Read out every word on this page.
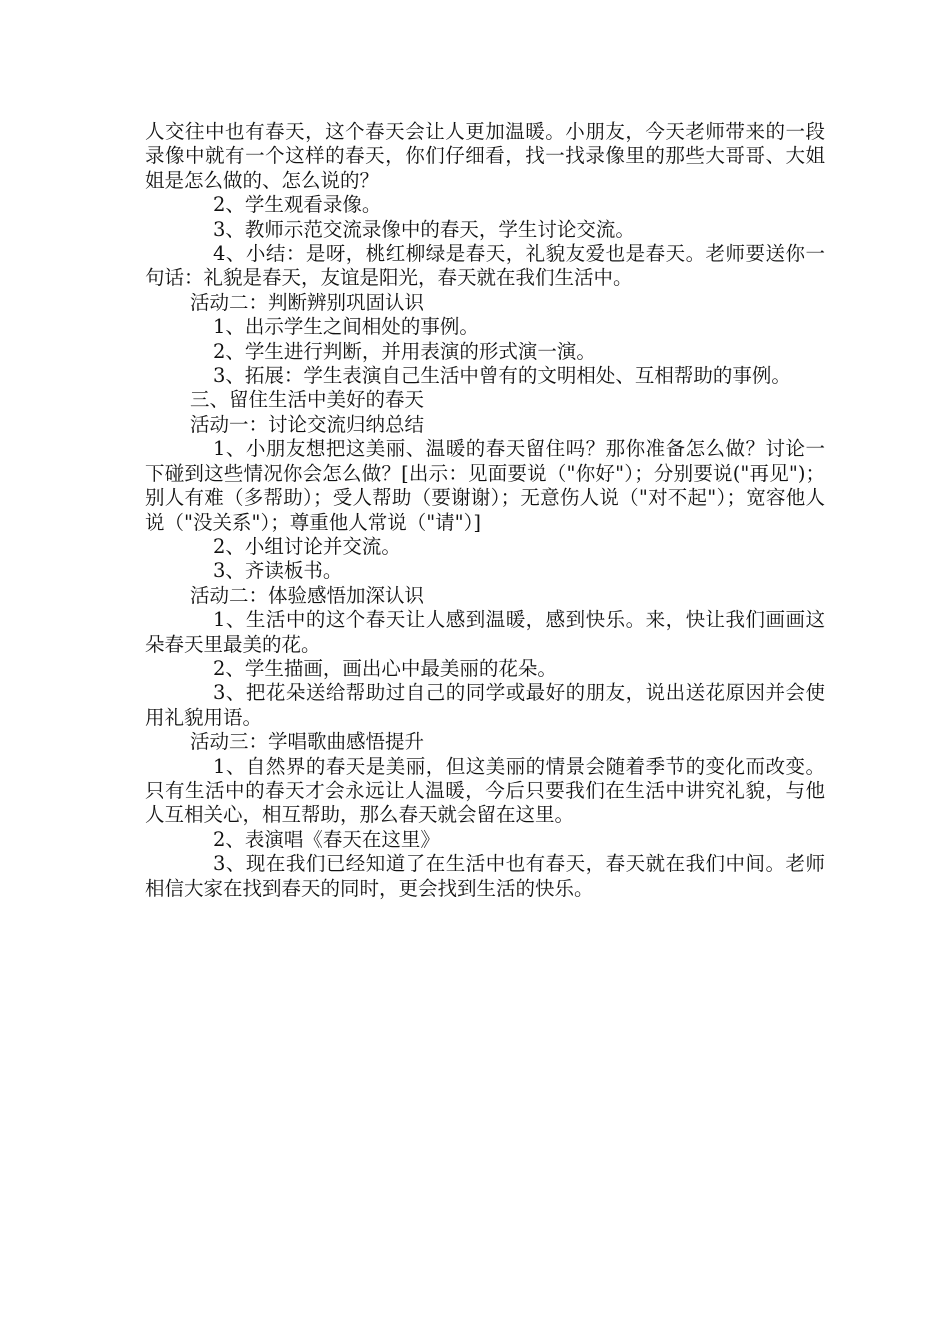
人交往中也有春天，这个春天会让人更加温暖。小朋友，今天老师带来的一段录像中就有一个这样的春天，你们仔细看，找一找录像里的那些大哥哥、大姐姐是怎么做的、怎么说的？

2、学生观看录像。

3、教师示范交流录像中的春天，学生讨论交流。

4、小结：是呀，桃红柳绿是春天，礼貌友爱也是春天。老师要送你一句话：礼貌是春天，友谊是阳光，春天就在我们生活中。

活动二：判断辨别巩固认识

1、出示学生之间相处的事例。

2、学生进行判断，并用表演的形式演一演。

3、拓展：学生表演自己生活中曾有的文明相处、互相帮助的事例。

三、留住生活中美好的春天

活动一：讨论交流归纳总结

1、小朋友想把这美丽、温暖的春天留住吗？那你准备怎么做？讨论一下碰到这些情况你会怎么做？[出示：见面要说（"你好"）；分别要说("再见")；别人有难（多帮助）；受人帮助（要谢谢）；无意伤人说（"对不起"）；宽容他人说（"没关系"）；尊重他人常说（"请"）]

2、小组讨论并交流。

3、齐读板书。

活动二：体验感悟加深认识

1、生活中的这个春天让人感到温暖，感到快乐。来，快让我们画画这朵春天里最美的花。

2、学生描画，画出心中最美丽的花朵。

3、把花朵送给帮助过自己的同学或最好的朋友，说出送花原因并会使用礼貌用语。

活动三：学唱歌曲感悟提升

1、自然界的春天是美丽，但这美丽的情景会随着季节的变化而改变。只有生活中的春天才会永远让人温暖，今后只要我们在生活中讲究礼貌，与他人互相关心，相互帮助，那么春天就会留在这里。

2、表演唱《春天在这里》

3、现在我们已经知道了在生活中也有春天，春天就在我们中间。老师相信大家在找到春天的同时，更会找到生活的快乐。
